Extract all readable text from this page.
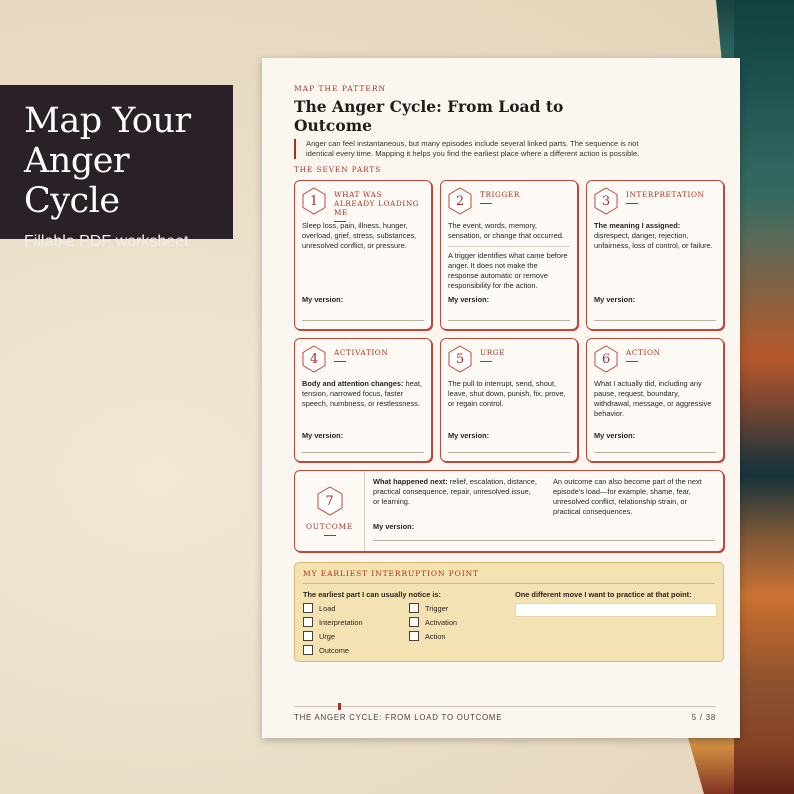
Map Your
Anger Cycle
Fillable PDF worksheet
MAP THE PATTERN
The Anger Cycle: From Load to Outcome
Anger can feel instantaneous, but many episodes include several linked parts. The sequence is not identical every time. Mapping it helps you find the earliest place where a different action is possible.
THE SEVEN PARTS
1	WHAT WAS ALREADY LOADING ME
Sleep loss, pain, illness, hunger, overload, grief, stress, substances, unresolved conflict, or pressure.
My version:
2	TRIGGER
The event, words, memory, sensation, or change that occurred.
A trigger identifies what came before anger. It does not make the response automatic or remove responsibility for the action.
My version:
3	INTERPRETATION
The meaning I assigned: disrespect, danger, rejection, unfairness, loss of control, or failure.
My version:
4	ACTIVATION
Body and attention changes: heat, tension, narrowed focus, faster speech, numbness, or restlessness.
My version:
5	URGE
The pull to interrupt, send, shout, leave, shut down, punish, fix, prove, or regain control.
My version:
6	ACTION
What I actually did, including any pause, request, boundary, withdrawal, message, or aggressive behavior.
My version:
7
OUTCOME
What happened next: relief, escalation, distance, practical consequence, repair, unresolved issue, or learning.
My version:
An outcome can also become part of the next episode's load—for example, shame, fear, unresolved conflict, relationship strain, or practical consequences.
MY EARLIEST INTERRUPTION POINT
The earliest part I can usually notice is:
Load	Trigger
Interpretation	Activation
Urge	Action
Outcome
One different move I want to practice at that point:
THE ANGER CYCLE: FROM LOAD TO OUTCOME	5 / 38
